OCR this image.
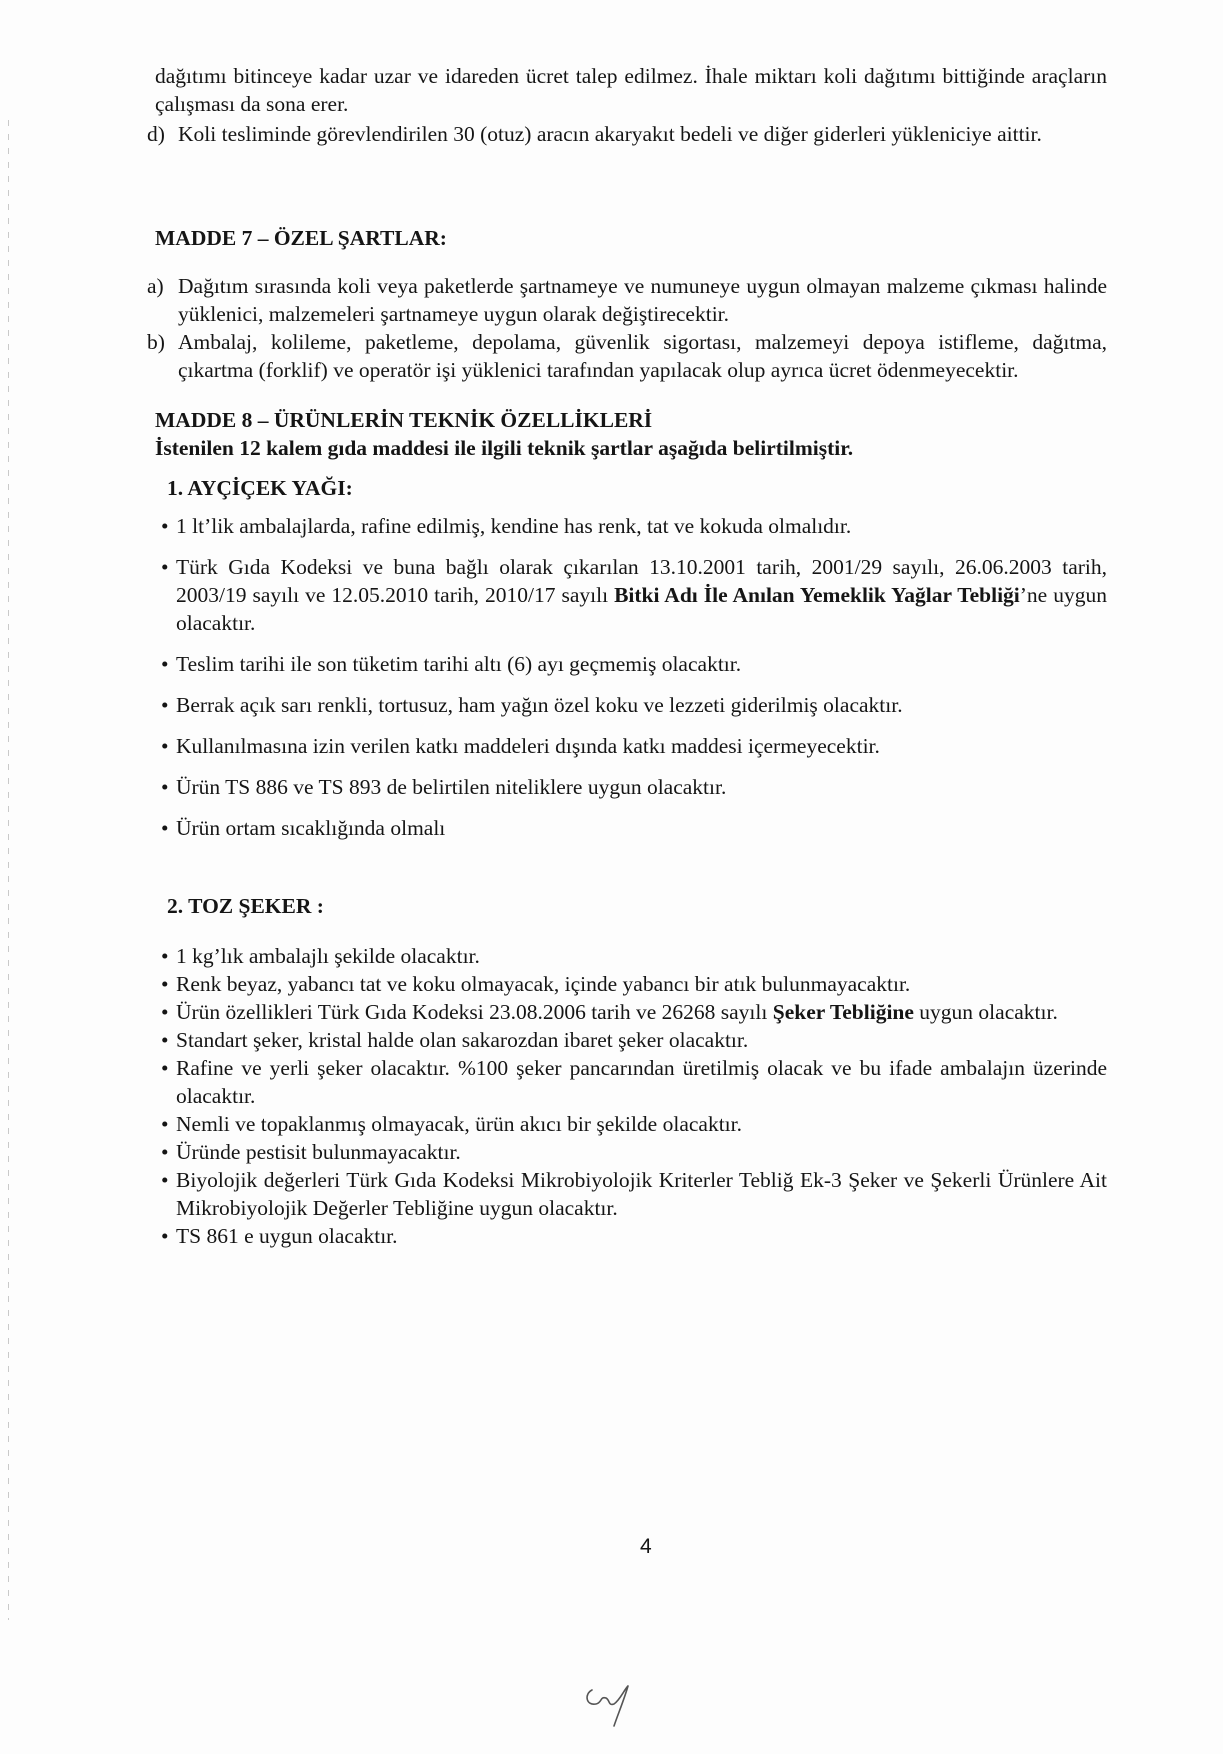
dağıtımı bitinceye kadar uzar ve idareden ücret talep edilmez. İhale miktarı koli dağıtımı bittiğinde araçların çalışması da sona erer.

d) Koli tesliminde görevlendirilen 30 (otuz) aracın akaryakıt bedeli ve diğer giderleri yükleniciye aittir.

MADDE 7 – ÖZEL ŞARTLAR:

a) Dağıtım sırasında koli veya paketlerde şartnameye ve numuneye uygun olmayan malzeme çıkması halinde yüklenici, malzemeleri şartnameye uygun olarak değiştirecektir.
b) Ambalaj, kolileme, paketleme, depolama, güvenlik sigortası, malzemeyi depoya istifleme, dağıtma, çıkartma (forklif) ve operatör işi yüklenici tarafından yapılacak olup ayrıca ücret ödenmeyecektir.

MADDE 8 – ÜRÜNLERİN TEKNİK ÖZELLİKLERİ

İstenilen 12 kalem gıda maddesi ile ilgili teknik şartlar aşağıda belirtilmiştir.

1. AYÇİÇEK YAĞI:

• 1 lt’lik ambalajlarda, rafine edilmiş, kendine has renk, tat ve kokuda olmalıdır.

• Türk Gıda Kodeksi ve buna bağlı olarak çıkarılan 13.10.2001 tarih, 2001/29 sayılı, 26.06.2003 tarih, 2003/19 sayılı ve 12.05.2010 tarih, 2010/17 sayılı Bitki Adı İle Anılan Yemeklik Yağlar Tebliği’ne uygun olacaktır.

• Teslim tarihi ile son tüketim tarihi altı (6) ayı geçmemiş olacaktır.

• Berrak açık sarı renkli, tortusuz, ham yağın özel koku ve lezzeti giderilmiş olacaktır.

• Kullanılmasına izin verilen katkı maddeleri dışında katkı maddesi içermeyecektir.

• Ürün TS 886 ve TS 893 de belirtilen niteliklere uygun olacaktır.

• Ürün ortam sıcaklığında olmalı

2. TOZ ŞEKER :

• 1 kg’lık ambalajlı şekilde olacaktır.

• Renk beyaz, yabancı tat ve koku olmayacak, içinde yabancı bir atık bulunmayacaktır.

• Ürün özellikleri Türk Gıda Kodeksi 23.08.2006 tarih ve 26268 sayılı Şeker Tebliğine uygun olacaktır.

• Standart şeker, kristal halde olan sakarozdan ibaret şeker olacaktır.

• Rafine ve yerli şeker olacaktır. %100 şeker pancarından üretilmiş olacak ve bu ifade ambalajın üzerinde olacaktır.

• Nemli ve topaklanmış olmayacak, ürün akıcı bir şekilde olacaktır.

• Üründe pestisit bulunmayacaktır.

• Biyolojik değerleri Türk Gıda Kodeksi Mikrobiyolojik Kriterler Tebliğ Ek-3 Şeker ve Şekerli Ürünlere Ait Mikrobiyolojik Değerler Tebliğine uygun olacaktır.

• TS 861 e uygun olacaktır.

4
